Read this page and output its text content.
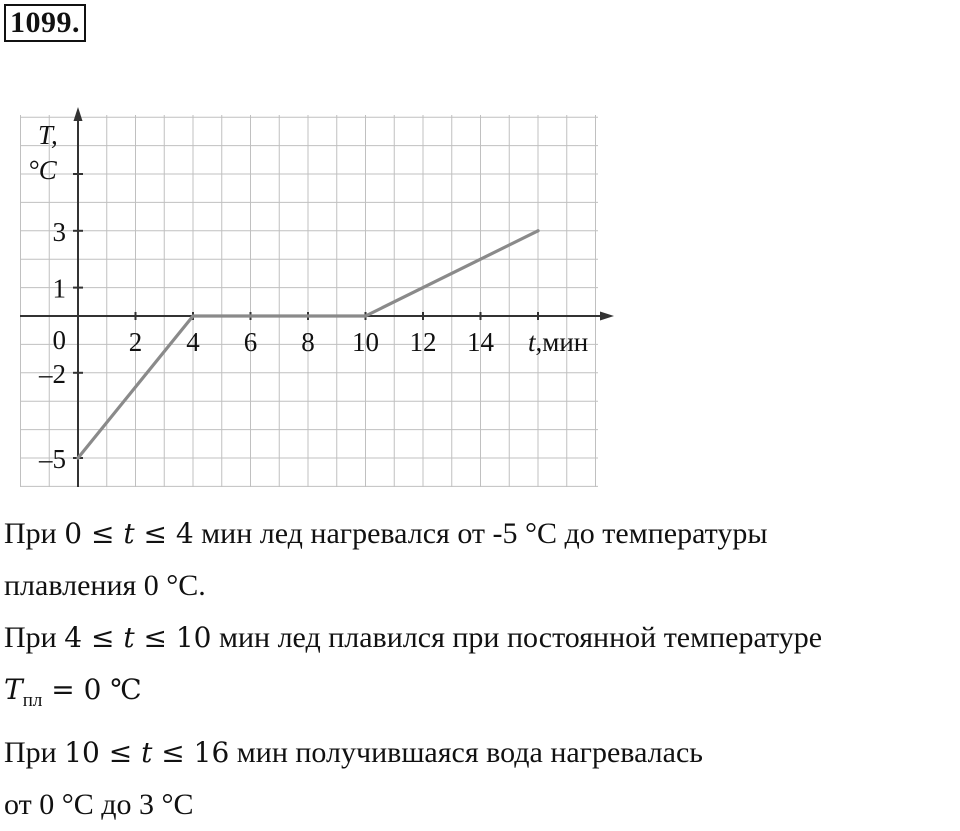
1099.
2 4 6 8 10 12 14
3
1
0
–2
–5
t,мин
T,
°C
При 0 ≤ t ≤ 4 мин лед нагревался от -5 °C до температуры
плавления 0 °C.
При 4 ≤ t ≤ 10 мин лед плавился при постоянной температуре
$T_{пл} = 0$ ℃
При 10 ≤ t ≤ 16 мин получившаяся вода нагревалась
от 0 °C до 3 °C
